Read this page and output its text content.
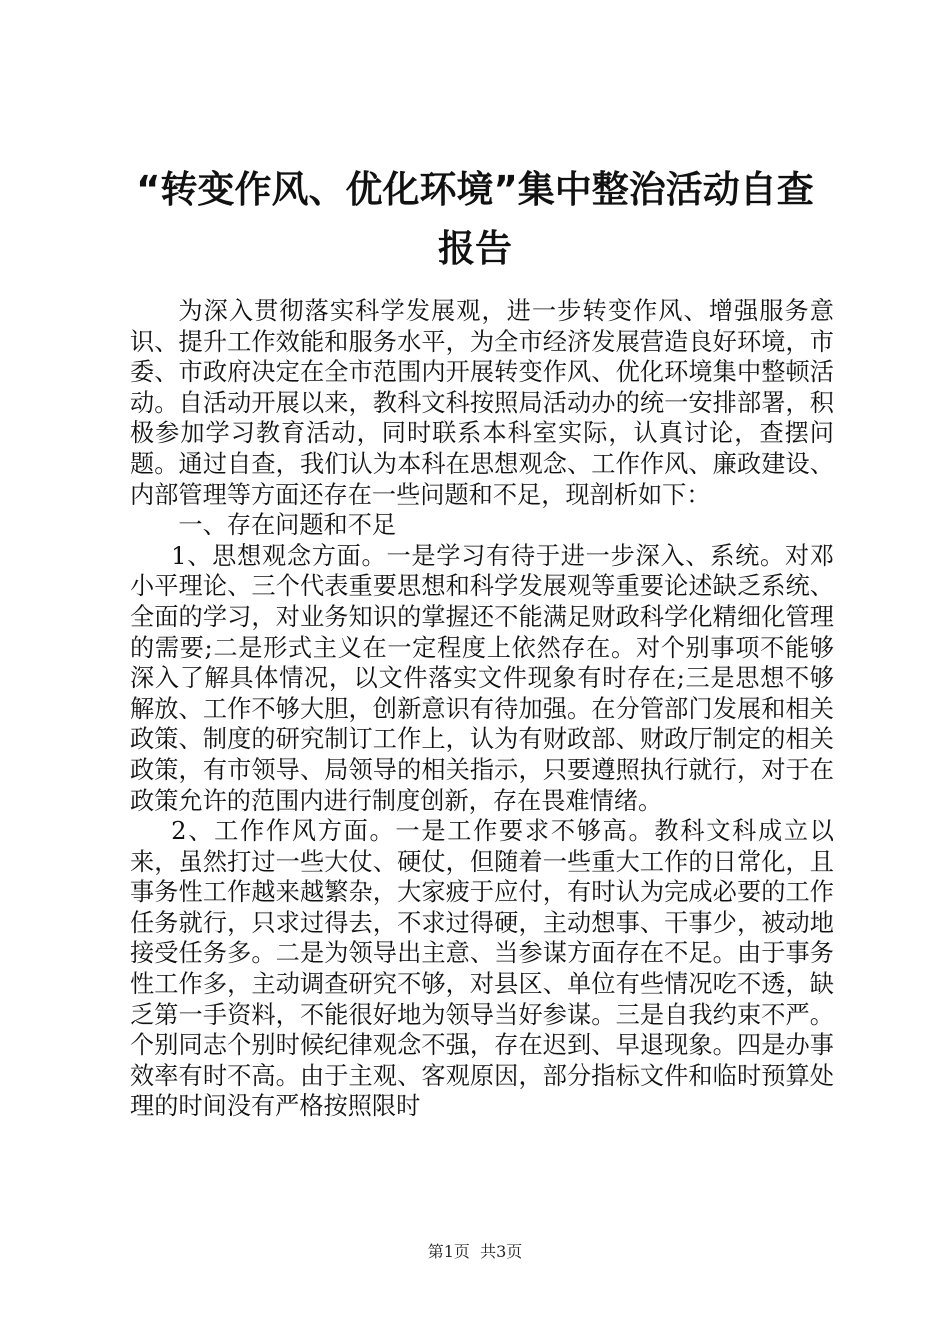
“转变作风、优化环境”集中整治活动自查报告

为深入贯彻落实科学发展观，进一步转变作风、增强服务意识、提升工作效能和服务水平，为全市经济发展营造良好环境，市委、市政府决定在全市范围内开展转变作风、优化环境集中整顿活动。自活动开展以来，教科文科按照局活动办的统一安排部署，积极参加学习教育活动，同时联系本科室实际，认真讨论，查摆问题。通过自查，我们认为本科在思想观念、工作作风、廉政建设、内部管理等方面还存在一些问题和不足，现剖析如下：

一、存在问题和不足

1、思想观念方面。一是学习有待于进一步深入、系统。对邓小平理论、三个代表重要思想和科学发展观等重要论述缺乏系统、全面的学习，对业务知识的掌握还不能满足财政科学化精细化管理的需要;二是形式主义在一定程度上依然存在。对个别事项不能够深入了解具体情况，以文件落实文件现象有时存在;三是思想不够解放、工作不够大胆，创新意识有待加强。在分管部门发展和相关政策、制度的研究制订工作上，认为有财政部、财政厅制定的相关政策，有市领导、局领导的相关指示，只要遵照执行就行，对于在政策允许的范围内进行制度创新，存在畏难情绪。

2、工作作风方面。一是工作要求不够高。教科文科成立以来，虽然打过一些大仗、硬仗，但随着一些重大工作的日常化，且事务性工作越来越繁杂，大家疲于应付，有时认为完成必要的工作任务就行，只求过得去，不求过得硬，主动想事、干事少，被动地接受任务多。二是为领导出主意、当参谋方面存在不足。由于事务性工作多，主动调查研究不够，对县区、单位有些情况吃不透，缺乏第一手资料，不能很好地为领导当好参谋。三是自我约束不严。个别同志个别时候纪律观念不强，存在迟到、早退现象。四是办事效率有时不高。由于主观、客观原因，部分指标文件和临时预算处理的时间没有严格按照限时

第1页  共3页
